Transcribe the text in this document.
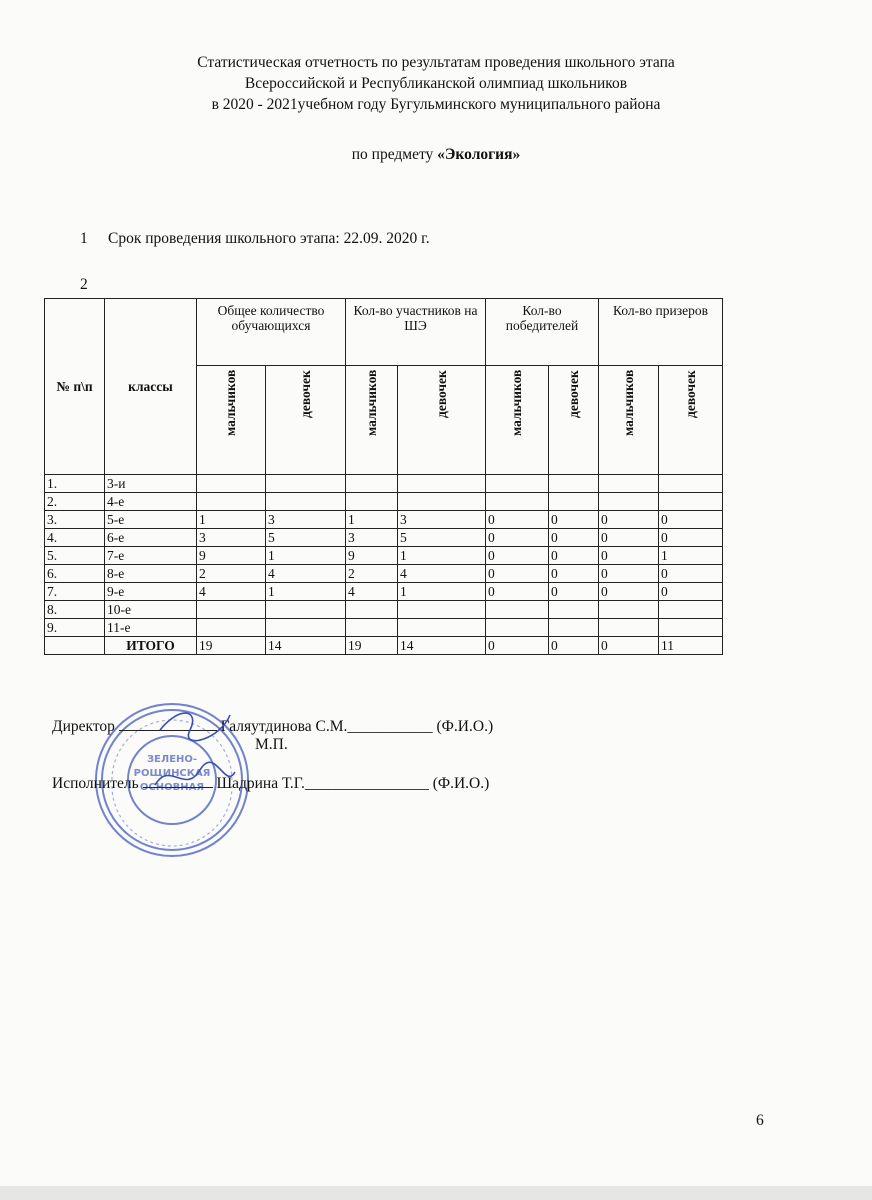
Статистическая отчетность по результатам проведения школьного этапа
Всероссийской и Республиканской олимпиад школьников
в 2020 - 2021учебном году Бугульминского муниципального района
по предмету «Экология»
1 Срок проведения школьного этапа: 22.09. 2020 г.
2
№ п\п	классы	Общее количество обучающихся		Кол-во участников на ШЭ		Кол-во победителей		Кол-во призеров	

		мальчиков	девочек	мальчиков	девочек	мальчиков	девочек	мальчиков	девочек

1.	3-и								
2.	4-е								
3.	5-е	1	3	1	3	0	0	0	0
4.	6-е	3	5	3	5	0	0	0	0
5.	7-е	9	1	9	1	0	0	0	1
6.	8-е	2	4	2	4	0	0	0	0
7.	9-е	4	1	4	1	0	0	0	0
8.	10-е								
9.	11-е								
	ИТОГО	19	14	19	14	0	0	0	11
ЗЕЛЕНО-
РОЩИНСКАЯ
ОСНОВНАЯ
Директор	Галяутдинова С.М.___________ (Ф.И.О.)
М.П.
Исполнитель	Шадрина Т.Г.________________ (Ф.И.О.)
6
